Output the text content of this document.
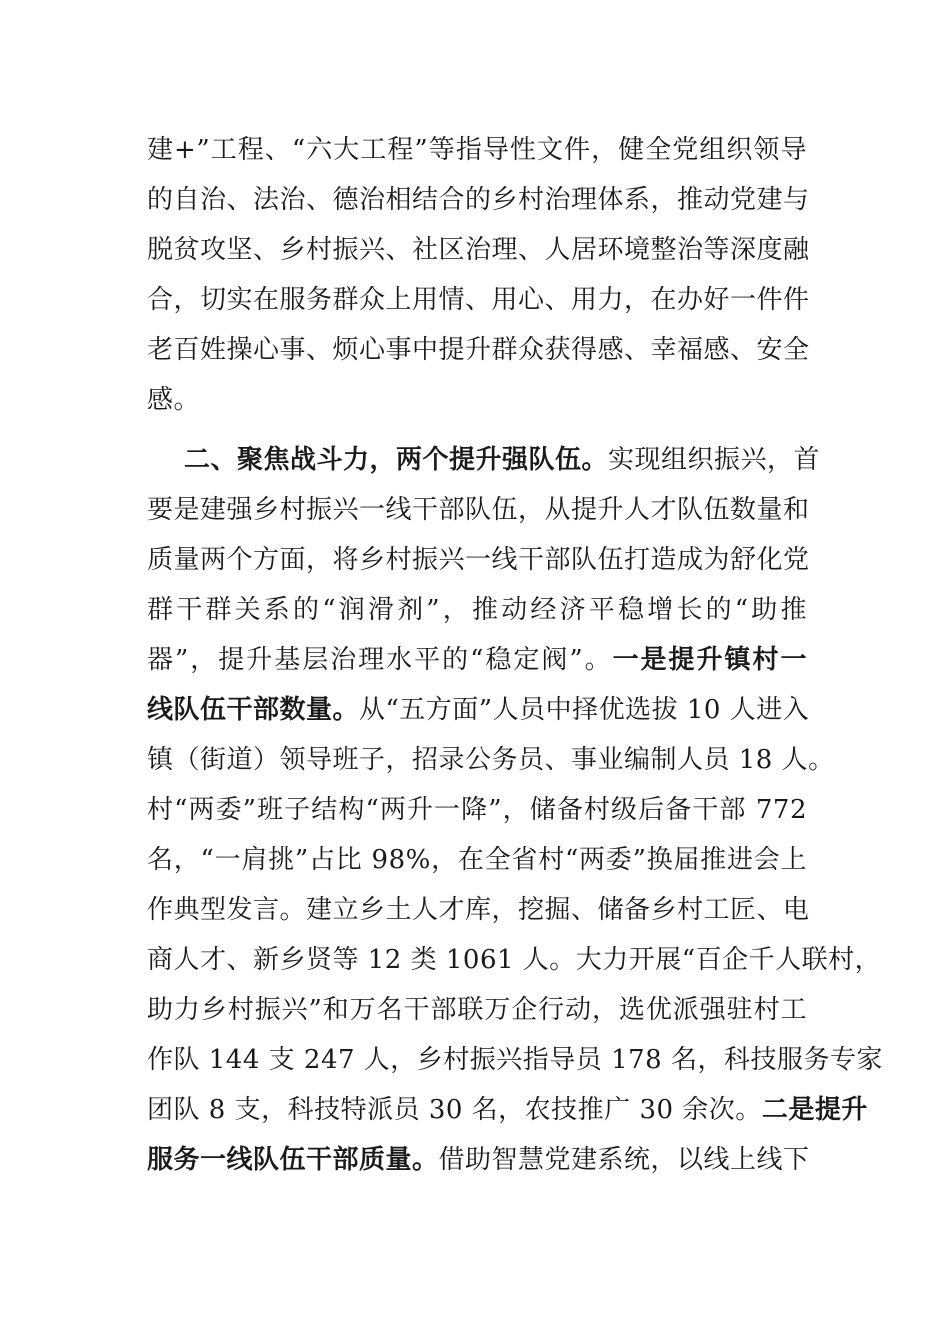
建+”工程、“六大工程”等指导性文件，健全党组织领导
的自治、法治、德治相结合的乡村治理体系，推动党建与
脱贫攻坚、乡村振兴、社区治理、人居环境整治等深度融
合，切实在服务群众上用情、用心、用力，在办好一件件
老百姓操心事、烦心事中提升群众获得感、幸福感、安全
感。
二、聚焦战斗力，两个提升强队伍。实现组织振兴，首
要是建强乡村振兴一线干部队伍，从提升人才队伍数量和
质量两个方面，将乡村振兴一线干部队伍打造成为舒化党
群干群关系的“润滑剂”，推动经济平稳增长的“助推
器”，提升基层治理水平的“稳定阀”。一是提升镇村一
线队伍干部数量。从“五方面”人员中择优选拔 10 人进入
镇（街道）领导班子，招录公务员、事业编制人员 18 人。
村“两委”班子结构“两升一降”，储备村级后备干部 772
名，“一肩挑”占比 98%，在全省村“两委”换届推进会上
作典型发言。建立乡土人才库，挖掘、储备乡村工匠、电
商人才、新乡贤等 12 类 1061 人。大力开展“百企千人联村，
助力乡村振兴”和万名干部联万企行动，选优派强驻村工
作队 144 支 247 人，乡村振兴指导员 178 名，科技服务专家
团队 8 支，科技特派员 30 名，农技推广 30 余次。二是提升
服务一线队伍干部质量。借助智慧党建系统，以线上线下
